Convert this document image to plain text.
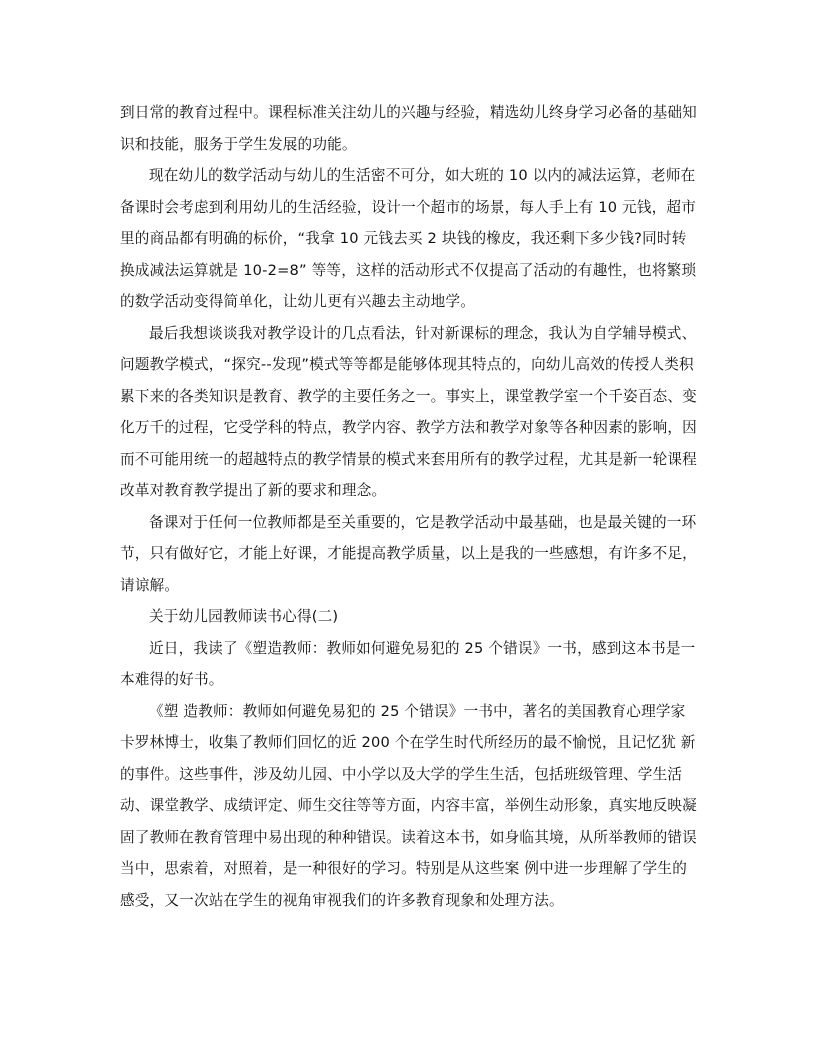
到日常的教育过程中。课程标准关注幼儿的兴趣与经验，精选幼儿终身学习必备的基础知识和技能，服务于学生发展的功能。

现在幼儿的数学活动与幼儿的生活密不可分，如大班的 10 以内的减法运算，老师在备课时会考虑到利用幼儿的生活经验，设计一个超市的场景，每人手上有 10 元钱，超市里的商品都有明确的标价，“我拿 10 元钱去买 2 块钱的橡皮，我还剩下多少钱?同时转换成减法运算就是 10-2=8” 等等，这样的活动形式不仅提高了活动的有趣性，也将繁琐的数学活动变得简单化，让幼儿更有兴趣去主动地学。

最后我想谈谈我对教学设计的几点看法，针对新课标的理念，我认为自学辅导模式、问题教学模式，“探究--发现”模式等等都是能够体现其特点的，向幼儿高效的传授人类积累下来的各类知识是教育、教学的主要任务之一。事实上，课堂教学室一个千姿百态、变化万千的过程，它受学科的特点，教学内容、教学方法和教学对象等各种因素的影响，因而不可能用统一的超越特点的教学情景的模式来套用所有的教学过程，尤其是新一轮课程改革对教育教学提出了新的要求和理念。

备课对于任何一位教师都是至关重要的，它是教学活动中最基础，也是最关键的一环节，只有做好它，才能上好课，才能提高教学质量，以上是我的一些感想，有许多不足，请谅解。

关于幼儿园教师读书心得(二)

近日，我读了《塑造教师：教师如何避免易犯的 25 个错误》一书，感到这本书是一本难得的好书。

《塑 造教师：教师如何避免易犯的 25 个错误》一书中，著名的美国教育心理学家卡罗林博士，收集了教师们回忆的近 200 个在学生时代所经历的最不愉悦，且记忆犹 新的事件。这些事件，涉及幼儿园、中小学以及大学的学生生活，包括班级管理、学生活动、课堂教学、成绩评定、师生交往等等方面，内容丰富，举例生动形象，真实地反映凝固了教师在教育管理中易出现的种种错误。读着这本书，如身临其境，从所举教师的错误当中，思索着，对照着，是一种很好的学习。特别是从这些案 例中进一步理解了学生的感受，又一次站在学生的视角审视我们的许多教育现象和处理方法。
